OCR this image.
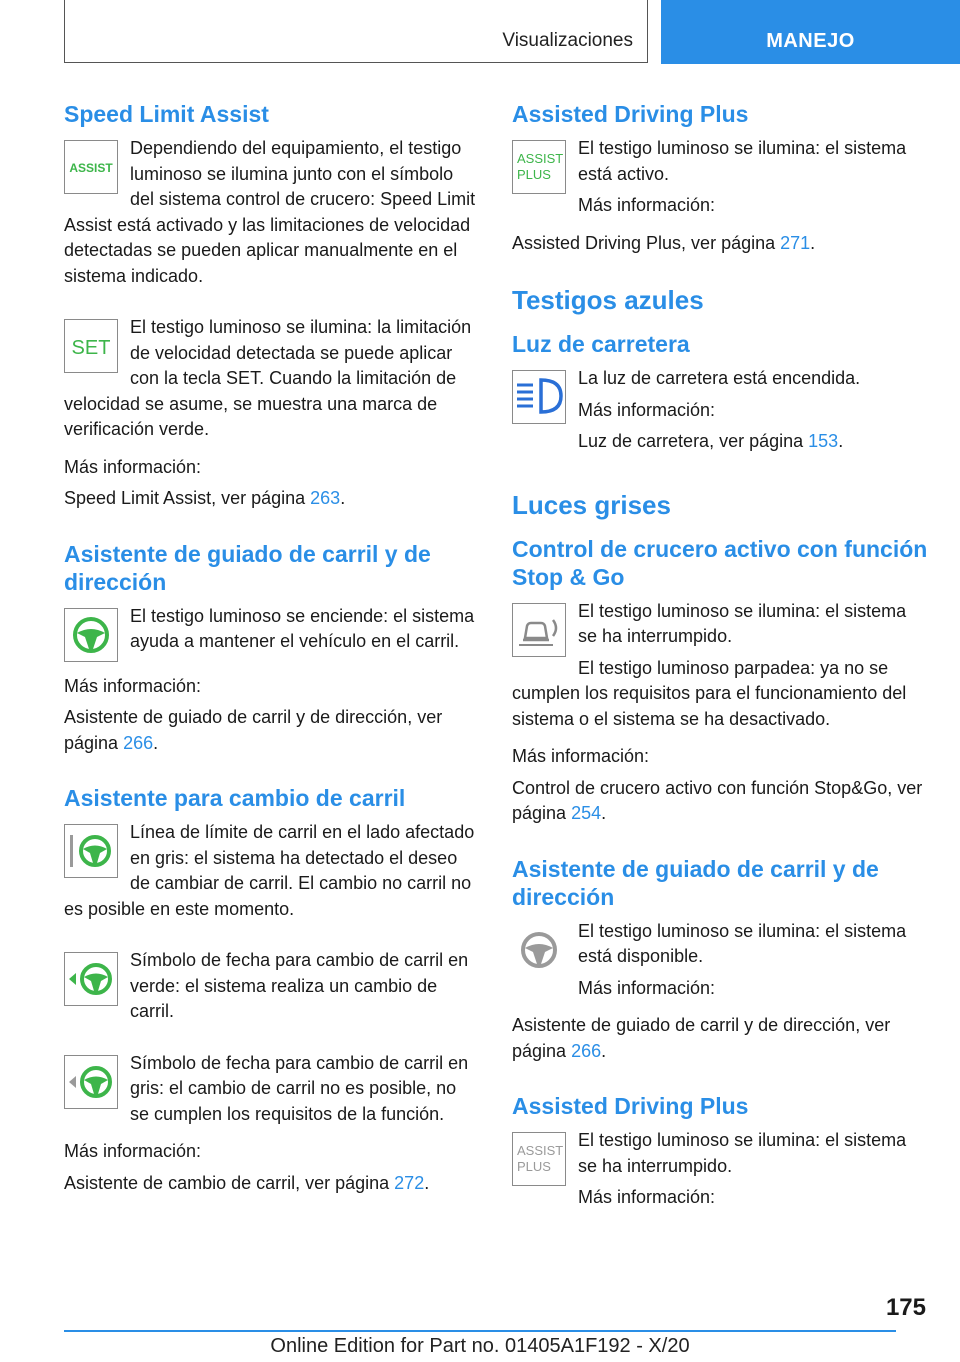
Visualizaciones	MANEJO
Speed Limit Assist
ASSIST

Dependiendo del equipamiento, el testigo luminoso se ilumina junto con el símbolo del sistema control de crucero: Speed Limit Assist está activado y las limitaciones de velocidad detectadas se pueden aplicar manualmente en el sistema indicado.

SET

El testigo luminoso se ilumina: la limitación de velocidad detectada se puede aplicar con la tecla SET. Cuando la limitación de velocidad se asume, se muestra una marca de verificación verde.

Más información:

Speed Limit Assist, ver página 263.

Asistente de guiado de carril y de dirección

El testigo luminoso se enciende: el sistema ayuda a mantener el vehículo en el carril.

Más información:

Asistente de guiado de carril y de dirección, ver página 266.

Asistente para cambio de carril

Línea de límite de carril en el lado afectado en gris: el sistema ha detectado el deseo de cambiar de carril. El cambio no carril no es posible en este momento.

Símbolo de fecha para cambio de carril en verde: el sistema realiza un cambio de carril.

Símbolo de fecha para cambio de carril en gris: el cambio de carril no es posible, no se cumplen los requisitos de la función.

Más información:

Asistente de cambio de carril, ver página 272.

Assisted Driving Plus
ASSIST
PLUS

El testigo luminoso se ilumina: el sistema está activo.

Más información:

Assisted Driving Plus, ver página 271.

Testigos azules
Luz de carretera

La luz de carretera está encendida.

Más información:

Luz de carretera, ver página 153.

Luces grises
Control de crucero activo con función Stop & Go

El testigo luminoso se ilumina: el sistema se ha interrumpido.

El testigo luminoso parpadea: ya no se cumplen los requisitos para el funcionamiento del sistema o el sistema se ha desactivado.

Más información:

Control de crucero activo con función Stop&Go, ver página 254.

Asistente de guiado de carril y de dirección

El testigo luminoso se ilumina: el sistema está disponible.

Más información:

Asistente de guiado de carril y de dirección, ver página 266.

Assisted Driving Plus
ASSIST
PLUS

El testigo luminoso se ilumina: el sistema se ha interrumpido.

Más información:

175
Online Edition for Part no. 01405A1F192 - X/20
